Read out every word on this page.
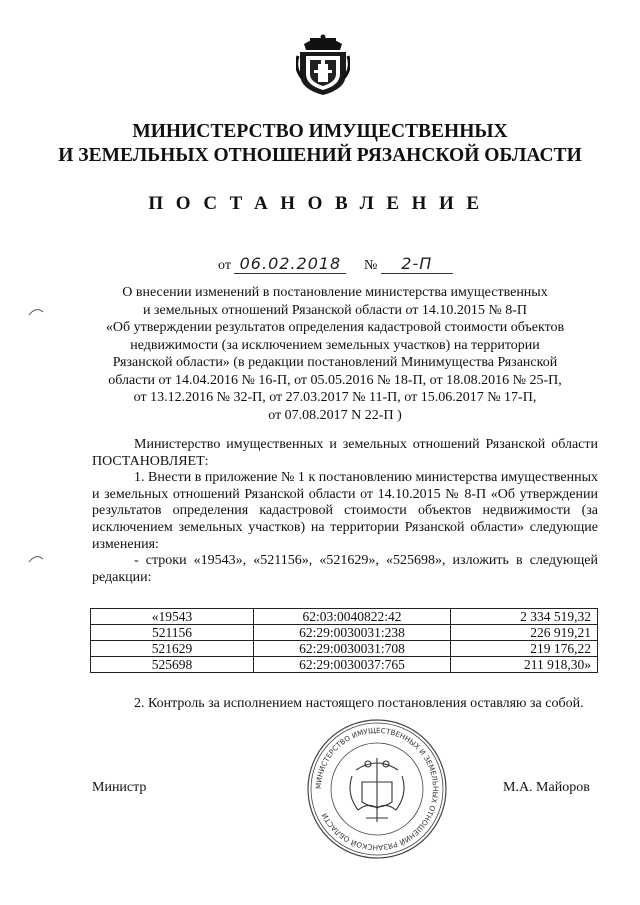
МИНИСТЕРСТВО ИМУЩЕСТВЕННЫХ
И ЗЕМЕЛЬНЫХ ОТНОШЕНИЙ РЯЗАНСКОЙ ОБЛАСТИ
ПОСТАНОВЛЕНИЕ
от 06.02.2018 № 2-П
О внесении изменений в постановление министерства имущественных
и земельных отношений Рязанской области от 14.10.2015 № 8-П
«Об утверждении результатов определения кадастровой стоимости объектов
недвижимости (за исключением земельных участков) на территории
Рязанской области» (в редакции постановлений Минимущества Рязанской
области от 14.04.2016 № 16-П, от 05.05.2016 № 18-П, от 18.08.2016 № 25-П,
от 13.12.2016 № 32-П, от 27.03.2017 № 11-П, от 15.06.2017 № 17-П,
от 07.08.2017 N 22-П )
Министерство имущественных и земельных отношений Рязанской области ПОСТАНОВЛЯЕТ:
1. Внести в приложение № 1 к постановлению министерства имущественных и земельных отношений Рязанской области от 14.10.2015 № 8-П «Об утверждении результатов определения кадастровой стоимости объектов недвижимости (за исключением земельных участков) на территории Рязанской области» следующие изменения:
- строки «19543», «521156», «521629», «525698», изложить в следующей редакции:
«19543	62:03:0040822:42	2 334 519,32
521156	62:29:0030031:238	226 919,21
521629	62:29:0030031:708	219 176,22
525698	62:29:0030037:765	211 918,30»
2. Контроль за исполнением настоящего постановления оставляю за собой.
МИНИСТЕРСТВО ИМУЩЕСТВЕННЫХ И ЗЕМЕЛЬНЫХ ОТНОШЕНИЙ РЯЗАНСКОЙ ОБЛАСТИ
Министр	М.А. Майоров
